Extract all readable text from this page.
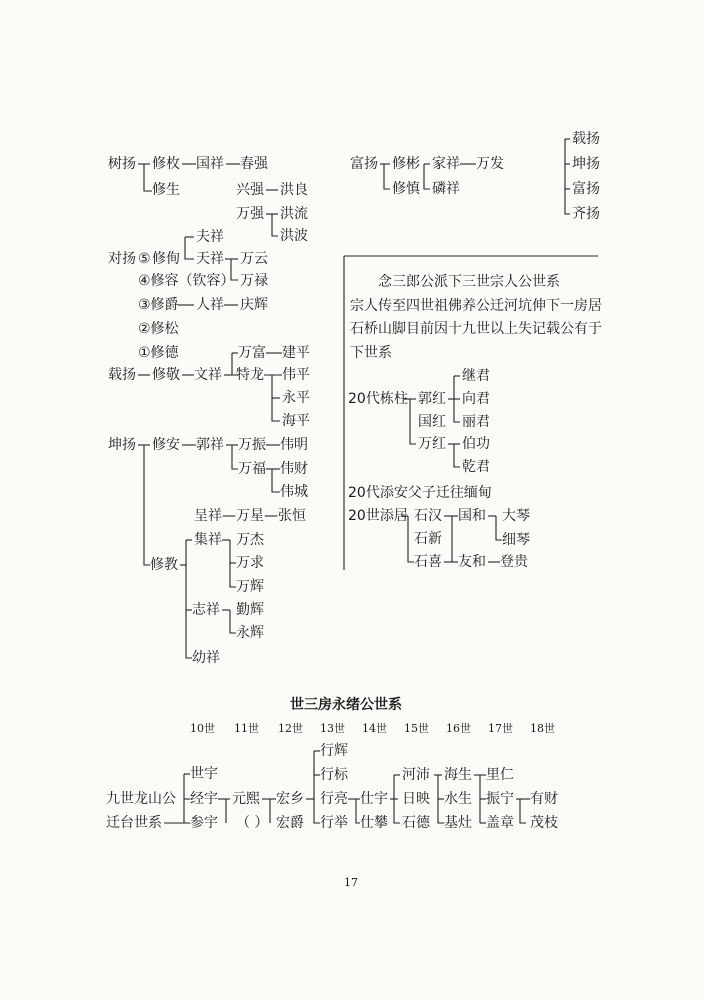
树扬 修枚 国祥 春强
修生	兴强 洪良
万强 洪流
洪波
夫祥
对扬 ⑤ 修侚 天祥 万云
万禄
④修容（钦容）
③修爵 人祥 庆辉
②修松
①修德	万富 建平
载扬 修敬 文祥 特龙 伟平
永平
海平
坤扬 修安 郭祥 万振 伟明
万福 伟财
伟城
呈祥—万星—张恒
集祥 万杰
修教	万求
万辉
志祥 勤辉
永辉
幼祥
富扬 修彬 家祥 万发
修慎 磷祥
载扬
坤扬
富扬
齐扬
念三郎公派下三世宗人公世系
宗人传至四世祖佛养公迁河坑伸下一房居
石桥山脚目前因十九世以上失记载公有于
下世系
20代栋柱 郭红
继君
向君
国红 丽君
万红 伯功
乾君
20代添安父子迁往缅甸
20世添居 石汉 国和 大琴
细琴
石新
石喜 友和 登贵
世三房永绪公世系
10世 11世 12世 13世 14世 15世 16世 17世 18世
九世龙山公
迁台世系
世宇
经宇
参宇
元熙
（ ）
宏乡
宏爵
行辉
行标
行亮
行举
仕宇
仕攀
河沛
日映
石德
海生
水生
基灶
里仁
振宁
盖章
有财
茂枝
17
